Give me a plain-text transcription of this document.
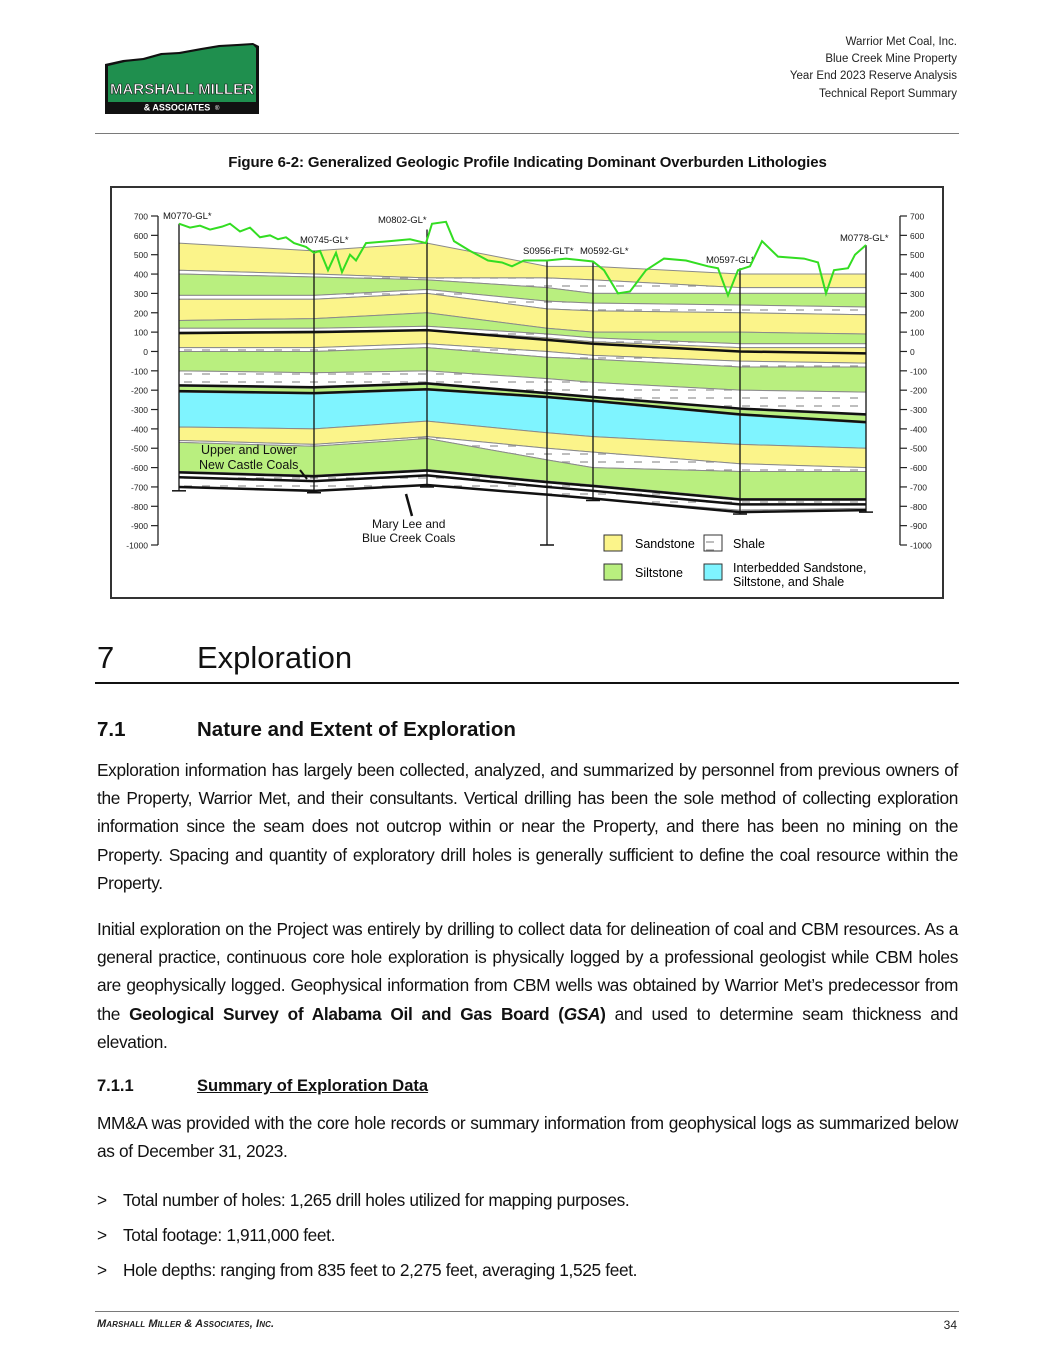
MARSHALL MILLER
& ASSOCIATES ®
Warrior Met Coal, Inc.
Blue Creek Mine Property
Year End 2023 Reserve Analysis
Technical Report Summary
Figure 6-2: Generalized Geologic Profile Indicating Dominant Overburden Lithologies
M0770-GL*
M0745-GL*
M0802-GL*
S0956-FLT* M0592-GL*
M0597-GL*
M0778-GL*
700
600
500
400
300
200
100
0
-100
-200
-300
-400
-500
-600
-700
-800
-900
-1000
700
600
500
400
300
200
100
0
-100
-200
-300
-400
-500
-600
-700
-800
-900
-1000
Upper and Lower
New Castle Coals
Mary Lee and
Blue Creek Coals	Sandstone	Shale
Siltstone	Interbedded Sandstone,
Siltstone, and Shale
7	Exploration
7.1	Nature and Extent of Exploration
Exploration information has largely been collected, analyzed, and summarized by personnel from previous owners of the Property, Warrior Met, and their consultants. Vertical drilling has been the sole method of collecting exploration information since the seam does not outcrop within or near the Property, and there has been no mining on the Property. Spacing and quantity of exploratory drill holes is generally sufficient to define the coal resource within the Property.
Initial exploration on the Project was entirely by drilling to collect data for delineation of coal and CBM resources. As a general practice, continuous core hole exploration is physically logged by a professional geologist while CBM holes are geophysically logged. Geophysical information from CBM wells was obtained by Warrior Met’s predecessor from the Geological Survey of Alabama Oil and Gas Board (GSA) and used to determine seam thickness and elevation.
7.1.1	Summary of Exploration Data
MM&A was provided with the core hole records or summary information from geophysical logs as summarized below as of December 31, 2023.
> Total number of holes: 1,265 drill holes utilized for mapping purposes.
> Total footage: 1,911,000 feet.
> Hole depths: ranging from 835 feet to 2,275 feet, averaging 1,525 feet.
Marshall Miller & Associates, Inc.	34
